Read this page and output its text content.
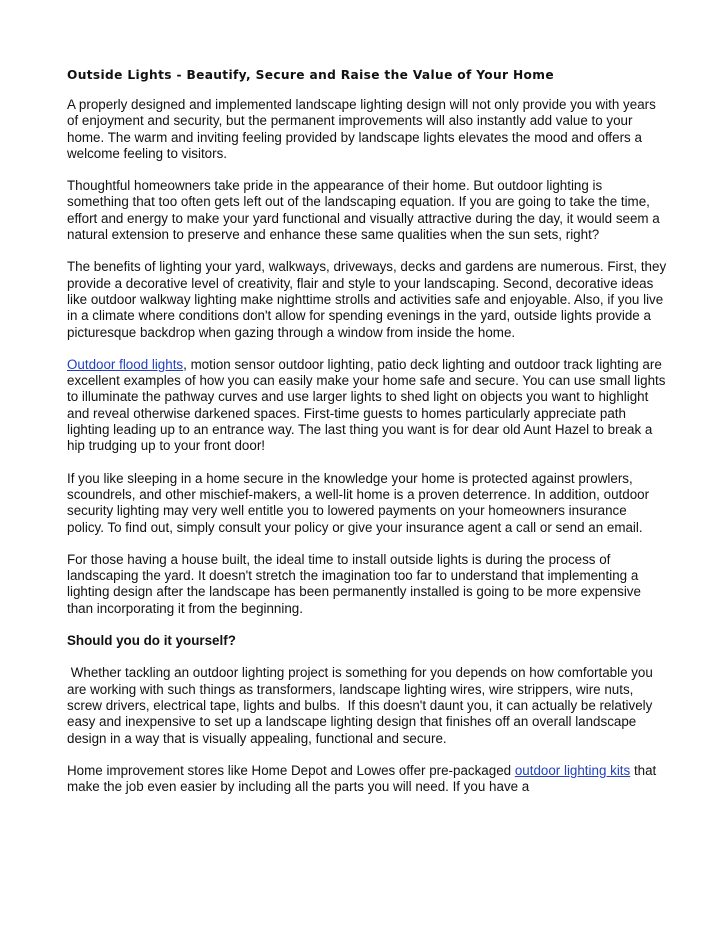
Outside Lights - Beautify, Secure and Raise the Value of Your Home

A properly designed and implemented landscape lighting design will not only provide you with years of enjoyment and security, but the permanent improvements will also instantly add value to your home. The warm and inviting feeling provided by landscape lights elevates the mood and offers a welcome feeling to visitors.

Thoughtful homeowners take pride in the appearance of their home. But outdoor lighting is something that too often gets left out of the landscaping equation. If you are going to take the time, effort and energy to make your yard functional and visually attractive during the day, it would seem a natural extension to preserve and enhance these same qualities when the sun sets, right?

The benefits of lighting your yard, walkways, driveways, decks and gardens are numerous. First, they provide a decorative level of creativity, flair and style to your landscaping. Second, decorative ideas like outdoor walkway lighting make nighttime strolls and activities safe and enjoyable. Also, if you live in a climate where conditions don't allow for spending evenings in the yard, outside lights provide a picturesque backdrop when gazing through a window from inside the home.

Outdoor flood lights, motion sensor outdoor lighting, patio deck lighting and outdoor track lighting are excellent examples of how you can easily make your home safe and secure. You can use small lights to illuminate the pathway curves and use larger lights to shed light on objects you want to highlight and reveal otherwise darkened spaces. First-time guests to homes particularly appreciate path lighting leading up to an entrance way. The last thing you want is for dear old Aunt Hazel to break a hip trudging up to your front door!

If you like sleeping in a home secure in the knowledge your home is protected against prowlers, scoundrels, and other mischief-makers, a well-lit home is a proven deterrence. In addition, outdoor security lighting may very well entitle you to lowered payments on your homeowners insurance policy. To find out, simply consult your policy or give your insurance agent a call or send an email.

For those having a house built, the ideal time to install outside lights is during the process of landscaping the yard. It doesn't stretch the imagination too far to understand that implementing a lighting design after the landscape has been permanently installed is going to be more expensive than incorporating it from the beginning.

Should you do it yourself?

Whether tackling an outdoor lighting project is something for you depends on how comfortable you are working with such things as transformers, landscape lighting wires, wire strippers, wire nuts, screw drivers, electrical tape, lights and bulbs.  If this doesn't daunt you, it can actually be relatively easy and inexpensive to set up a landscape lighting design that finishes off an overall landscape design in a way that is visually appealing, functional and secure.

Home improvement stores like Home Depot and Lowes offer pre-packaged outdoor lighting kits that make the job even easier by including all the parts you will need. If you have a
